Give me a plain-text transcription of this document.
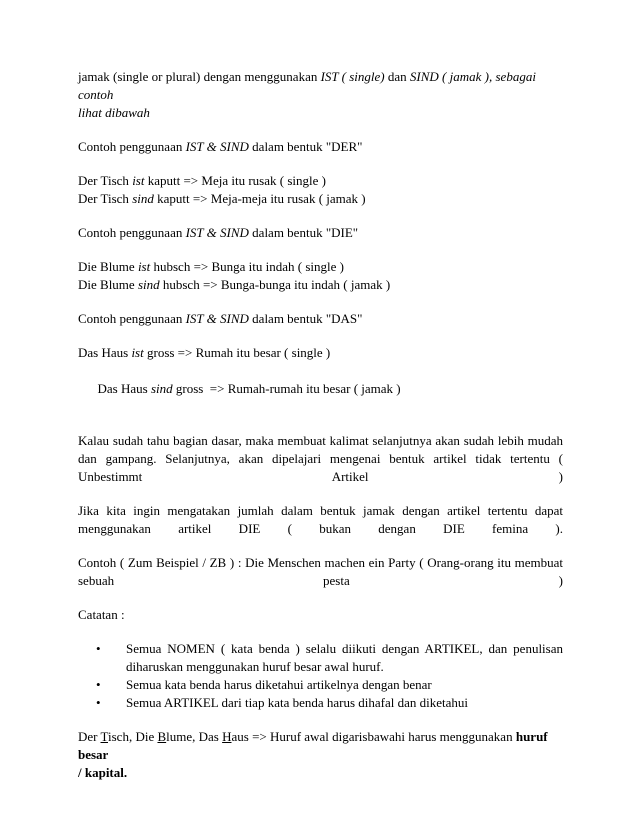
jamak (single or plural) dengan menggunakan IST ( single) dan SIND ( jamak ), sebagai contoh
lihat dibawah

Contoh penggunaan IST & SIND dalam bentuk "DER"

Der Tisch ist kaputt => Meja itu rusak ( single )

Der Tisch sind kaputt => Meja-meja itu rusak ( jamak )

Contoh penggunaan IST & SIND dalam bentuk "DIE"

Die Blume ist hubsch => Bunga itu indah ( single )

Die Blume sind hubsch => Bunga-bunga itu indah ( jamak )

Contoh penggunaan IST & SIND dalam bentuk "DAS"

Das Haus ist gross => Rumah itu besar ( single )

Das Haus sind gross  => Rumah-rumah itu besar ( jamak )

Kalau sudah tahu bagian dasar, maka membuat kalimat selanjutnya akan sudah lebih mudah dan gampang. Selanjutnya, akan dipelajari mengenai bentuk artikel tidak tertentu ( Unbestimmt	Artikel )

Jika kita ingin mengatakan jumlah dalam bentuk jamak dengan artikel tertentu dapat menggunakan artikel DIE ( bukan dengan DIE femina ).

Contoh ( Zum Beispiel / ZB ) : Die Menschen machen ein Party ( Orang-orang itu membuat sebuah pesta )

Catatan :

• Semua NOMEN ( kata benda ) selalu diikuti dengan ARTIKEL, dan penulisan diharuskan menggunakan huruf besar awal huruf.
• Semua kata benda harus diketahui artikelnya dengan benar
• Semua ARTIKEL dari tiap kata benda harus dihafal dan diketahui

Der Tisch, Die Blume, Das Haus => Huruf awal digarisbawahi harus menggunakan huruf besar
/ kapital.
